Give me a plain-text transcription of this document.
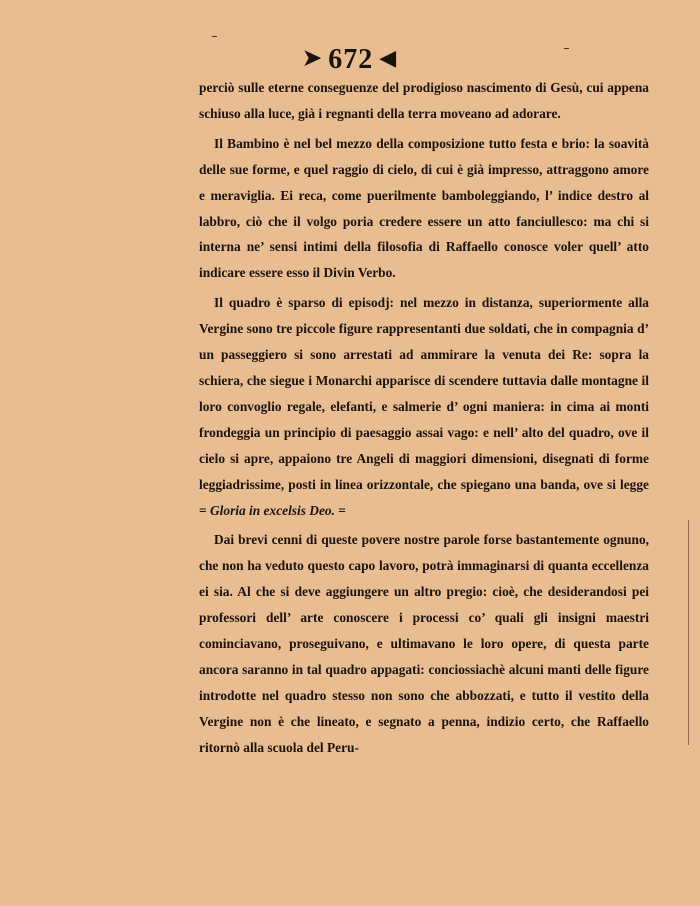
➤ 672 ◀

perciò sulle eterne conseguenze del prodigioso nascimento di Gesù, cui appena schiuso alla luce, già i regnanti della terra moveano ad adorare.

Il Bambino è nel bel mezzo della composizione tutto festa e brio: la soavità delle sue forme, e quel raggio di cielo, di cui è già impresso, attraggono amore e meraviglia. Ei reca, come puerilmente bamboleggiando, l’ indice destro al labbro, ciò che il volgo poria credere essere un atto fanciullesco: ma chi si interna ne’ sensi intimi della filosofia di Raffaello conosce voler quell’ atto indicare essere esso il Divin Verbo.

Il quadro è sparso di episodj: nel mezzo in distanza, superiormente alla Vergine sono tre piccole figure rappresentanti due soldati, che in compagnia d’ un passeggiero si sono arrestati ad ammirare la venuta dei Re: sopra la schiera, che siegue i Monarchi apparisce di scendere tuttavia dalle montagne il loro convoglio regale, elefanti, e salmerie d’ ogni maniera: in cima ai monti frondeggia un principio di paesaggio assai vago: e nell’ alto del quadro, ove il cielo si apre, appaiono tre Angeli di maggiori dimensioni, disegnati di forme leggiadrissime, posti in linea orizzontale, che spiegano una banda, ove si legge = Gloria in excelsis Deo. =

Dai brevi cenni di queste povere nostre parole forse bastantemente ognuno, che non ha veduto questo capo lavoro, potrà immaginarsi di quanta eccellenza ei sia. Al che si deve aggiungere un altro pregio: cioè, che desiderandosi pei professori dell’ arte conoscere i processi co’ quali gli insigni maestri cominciavano, proseguivano, e ultimavano le loro opere, di questa parte ancora saranno in tal quadro appagati: conciossiachè alcuni manti delle figure introdotte nel quadro stesso non sono che abbozzati, e tutto il vestito della Vergine non è che lineato, e segnato a penna, indizio certo, che Raffaello ritornò alla scuola del Peru-
